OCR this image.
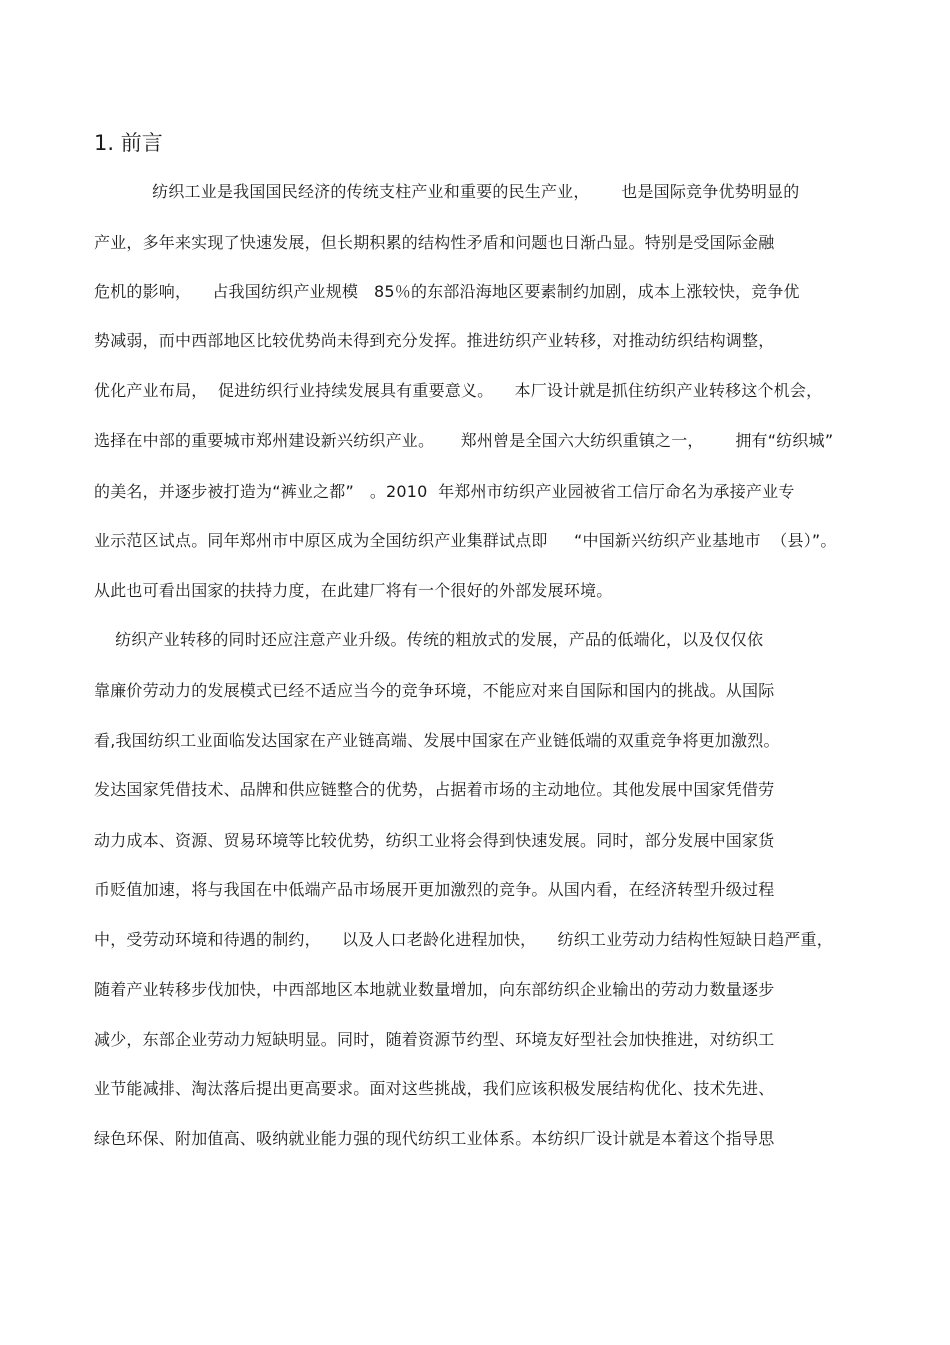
1. 前言
纺织工业是我国国民经济的传统支柱产业和重要的民生产业，      也是国际竞争优势明显的
产业，多年来实现了快速发展，但长期积累的结构性矛盾和问题也日渐凸显。特别是受国际金融
危机的影响，    占我国纺织产业规模   85％的东部沿海地区要素制约加剧，成本上涨较快，竞争优
势减弱，而中西部地区比较优势尚未得到充分发挥。推进纺织产业转移，对推动纺织结构调整，
优化产业布局，  促进纺织行业持续发展具有重要意义。    本厂设计就是抓住纺织产业转移这个机会，
选择在中部的重要城市郑州建设新兴纺织产业。     郑州曾是全国六大纺织重镇之一，      拥有“纺织城”
的美名，并逐步被打造为“裤业之都”   。2010  年郑州市纺织产业园被省工信厅命名为承接产业专
业示范区试点。同年郑州市中原区成为全国纺织产业集群试点即     “中国新兴纺织产业基地市  （县）”。
从此也可看出国家的扶持力度，在此建厂将有一个很好的外部发展环境。
纺织产业转移的同时还应注意产业升级。传统的粗放式的发展，产品的低端化，以及仅仅依
靠廉价劳动力的发展模式已经不适应当今的竞争环境，不能应对来自国际和国内的挑战。从国际
看,我国纺织工业面临发达国家在产业链高端、发展中国家在产业链低端的双重竞争将更加激烈。
发达国家凭借技术、品牌和供应链整合的优势，占据着市场的主动地位。其他发展中国家凭借劳
动力成本、资源、贸易环境等比较优势，纺织工业将会得到快速发展。同时，部分发展中国家货
币贬值加速，将与我国在中低端产品市场展开更加激烈的竞争。从国内看，在经济转型升级过程
中，受劳动环境和待遇的制约，    以及人口老龄化进程加快，    纺织工业劳动力结构性短缺日趋严重，
随着产业转移步伐加快，中西部地区本地就业数量增加，向东部纺织企业输出的劳动力数量逐步
减少，东部企业劳动力短缺明显。同时，随着资源节约型、环境友好型社会加快推进，对纺织工
业节能减排、淘汰落后提出更高要求。面对这些挑战，我们应该积极发展结构优化、技术先进、
绿色环保、附加值高、吸纳就业能力强的现代纺织工业体系。本纺织厂设计就是本着这个指导思
